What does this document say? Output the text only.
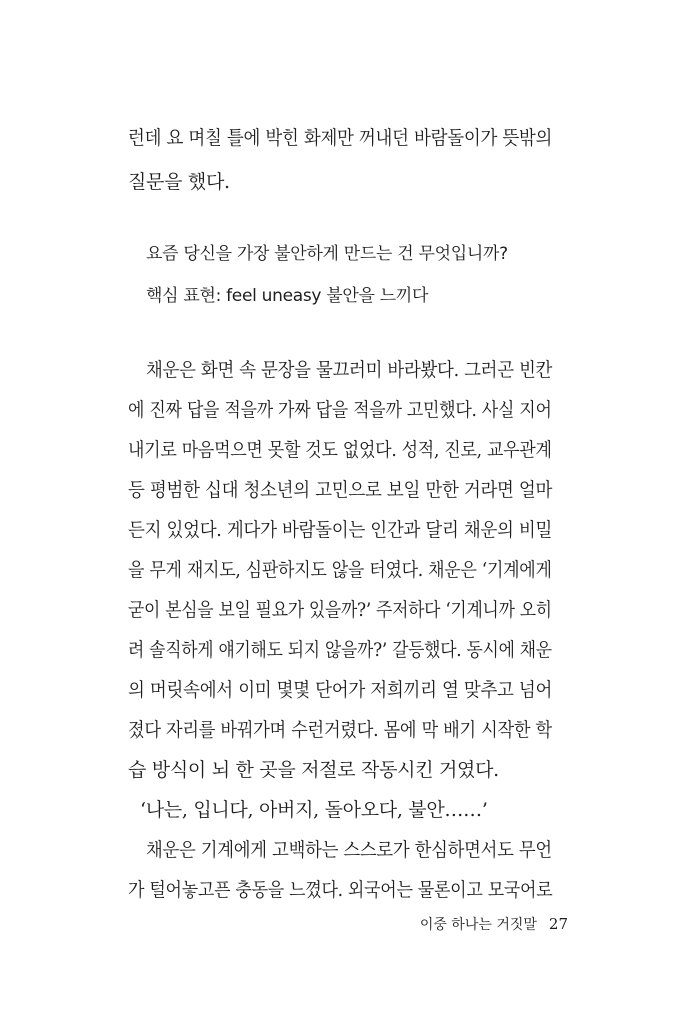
런데 요 며칠 틀에 박힌 화제만 꺼내던 바람돌이가 뜻밖의
질문을 했다.
요즘 당신을 가장 불안하게 만드는 건 무엇입니까?
핵심 표현: feel uneasy 불안을 느끼다
채운은 화면 속 문장을 물끄러미 바라봤다. 그러곤 빈칸
에 진짜 답을 적을까 가짜 답을 적을까 고민했다. 사실 지어
내기로 마음먹으면 못할 것도 없었다. 성적, 진로, 교우관계
등 평범한 십대 청소년의 고민으로 보일 만한 거라면 얼마
든지 있었다. 게다가 바람돌이는 인간과 달리 채운의 비밀
을 무게 재지도, 심판하지도 않을 터였다. 채운은 ‘기계에게
굳이 본심을 보일 필요가 있을까?’ 주저하다 ‘기계니까 오히
려 솔직하게 얘기해도 되지 않을까?’ 갈등했다. 동시에 채운
의 머릿속에서 이미 몇몇 단어가 저희끼리 열 맞추고 넘어
졌다 자리를 바꿔가며 수런거렸다. 몸에 막 배기 시작한 학
습 방식이 뇌 한 곳을 저절로 작동시킨 거였다.
‘나는, 입니다, 아버지, 돌아오다, 불안……’
채운은 기계에게 고백하는 스스로가 한심하면서도 무언
가 털어놓고픈 충동을 느꼈다. 외국어는 물론이고 모국어로
이중 하나는 거짓말 27
